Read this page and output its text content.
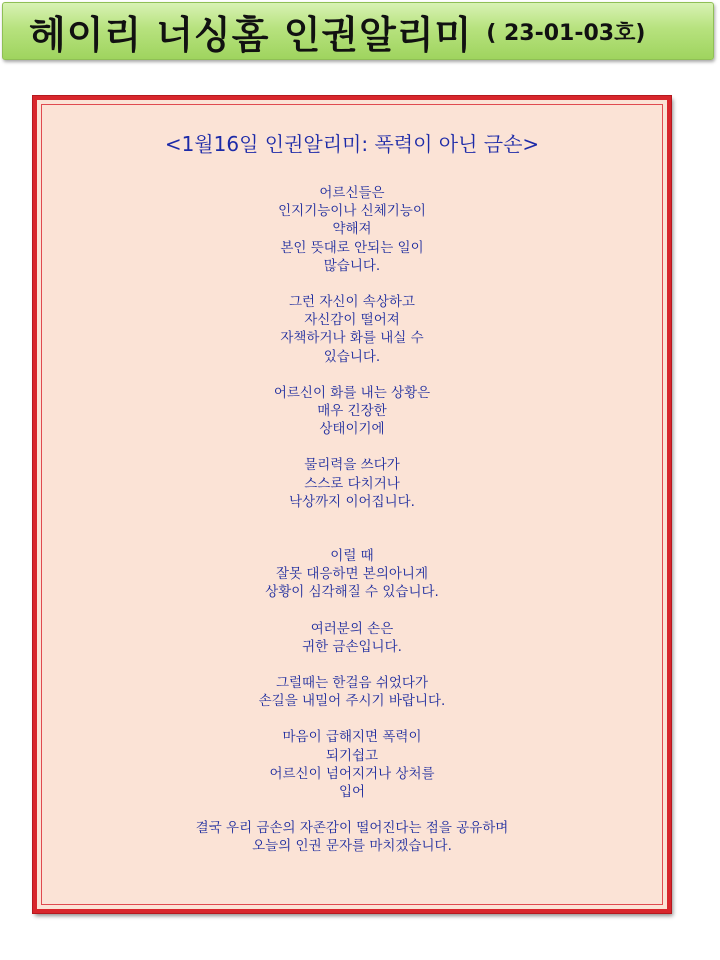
헤이리 너싱홈 인권알리미 ( 23-01-03호)
<1월16일 인권알리미: 폭력이 아닌 금손>
어르신들은
인지기능이나 신체기능이
약해져
본인 뜻대로 안되는 일이
많습니다.
그런 자신이 속상하고
자신감이 떨어져
자책하거나 화를 내실 수
있습니다.
어르신이 화를 내는 상황은
매우 긴장한
상태이기에
물리력을 쓰다가
스스로 다치거나
낙상까지 이어집니다.
이럴 때
잘못 대응하면 본의아니게
상황이 심각해질 수 있습니다.
여러분의 손은
귀한 금손입니다.
그럴때는 한걸음 쉬었다가
손길을 내밀어 주시기 바랍니다.
마음이 급해지면 폭력이
되기쉽고
어르신이 넘어지거나 상처를
입어
결국 우리 금손의 자존감이 떨어진다는 점을 공유하며
오늘의 인권 문자를 마치겠습니다.
